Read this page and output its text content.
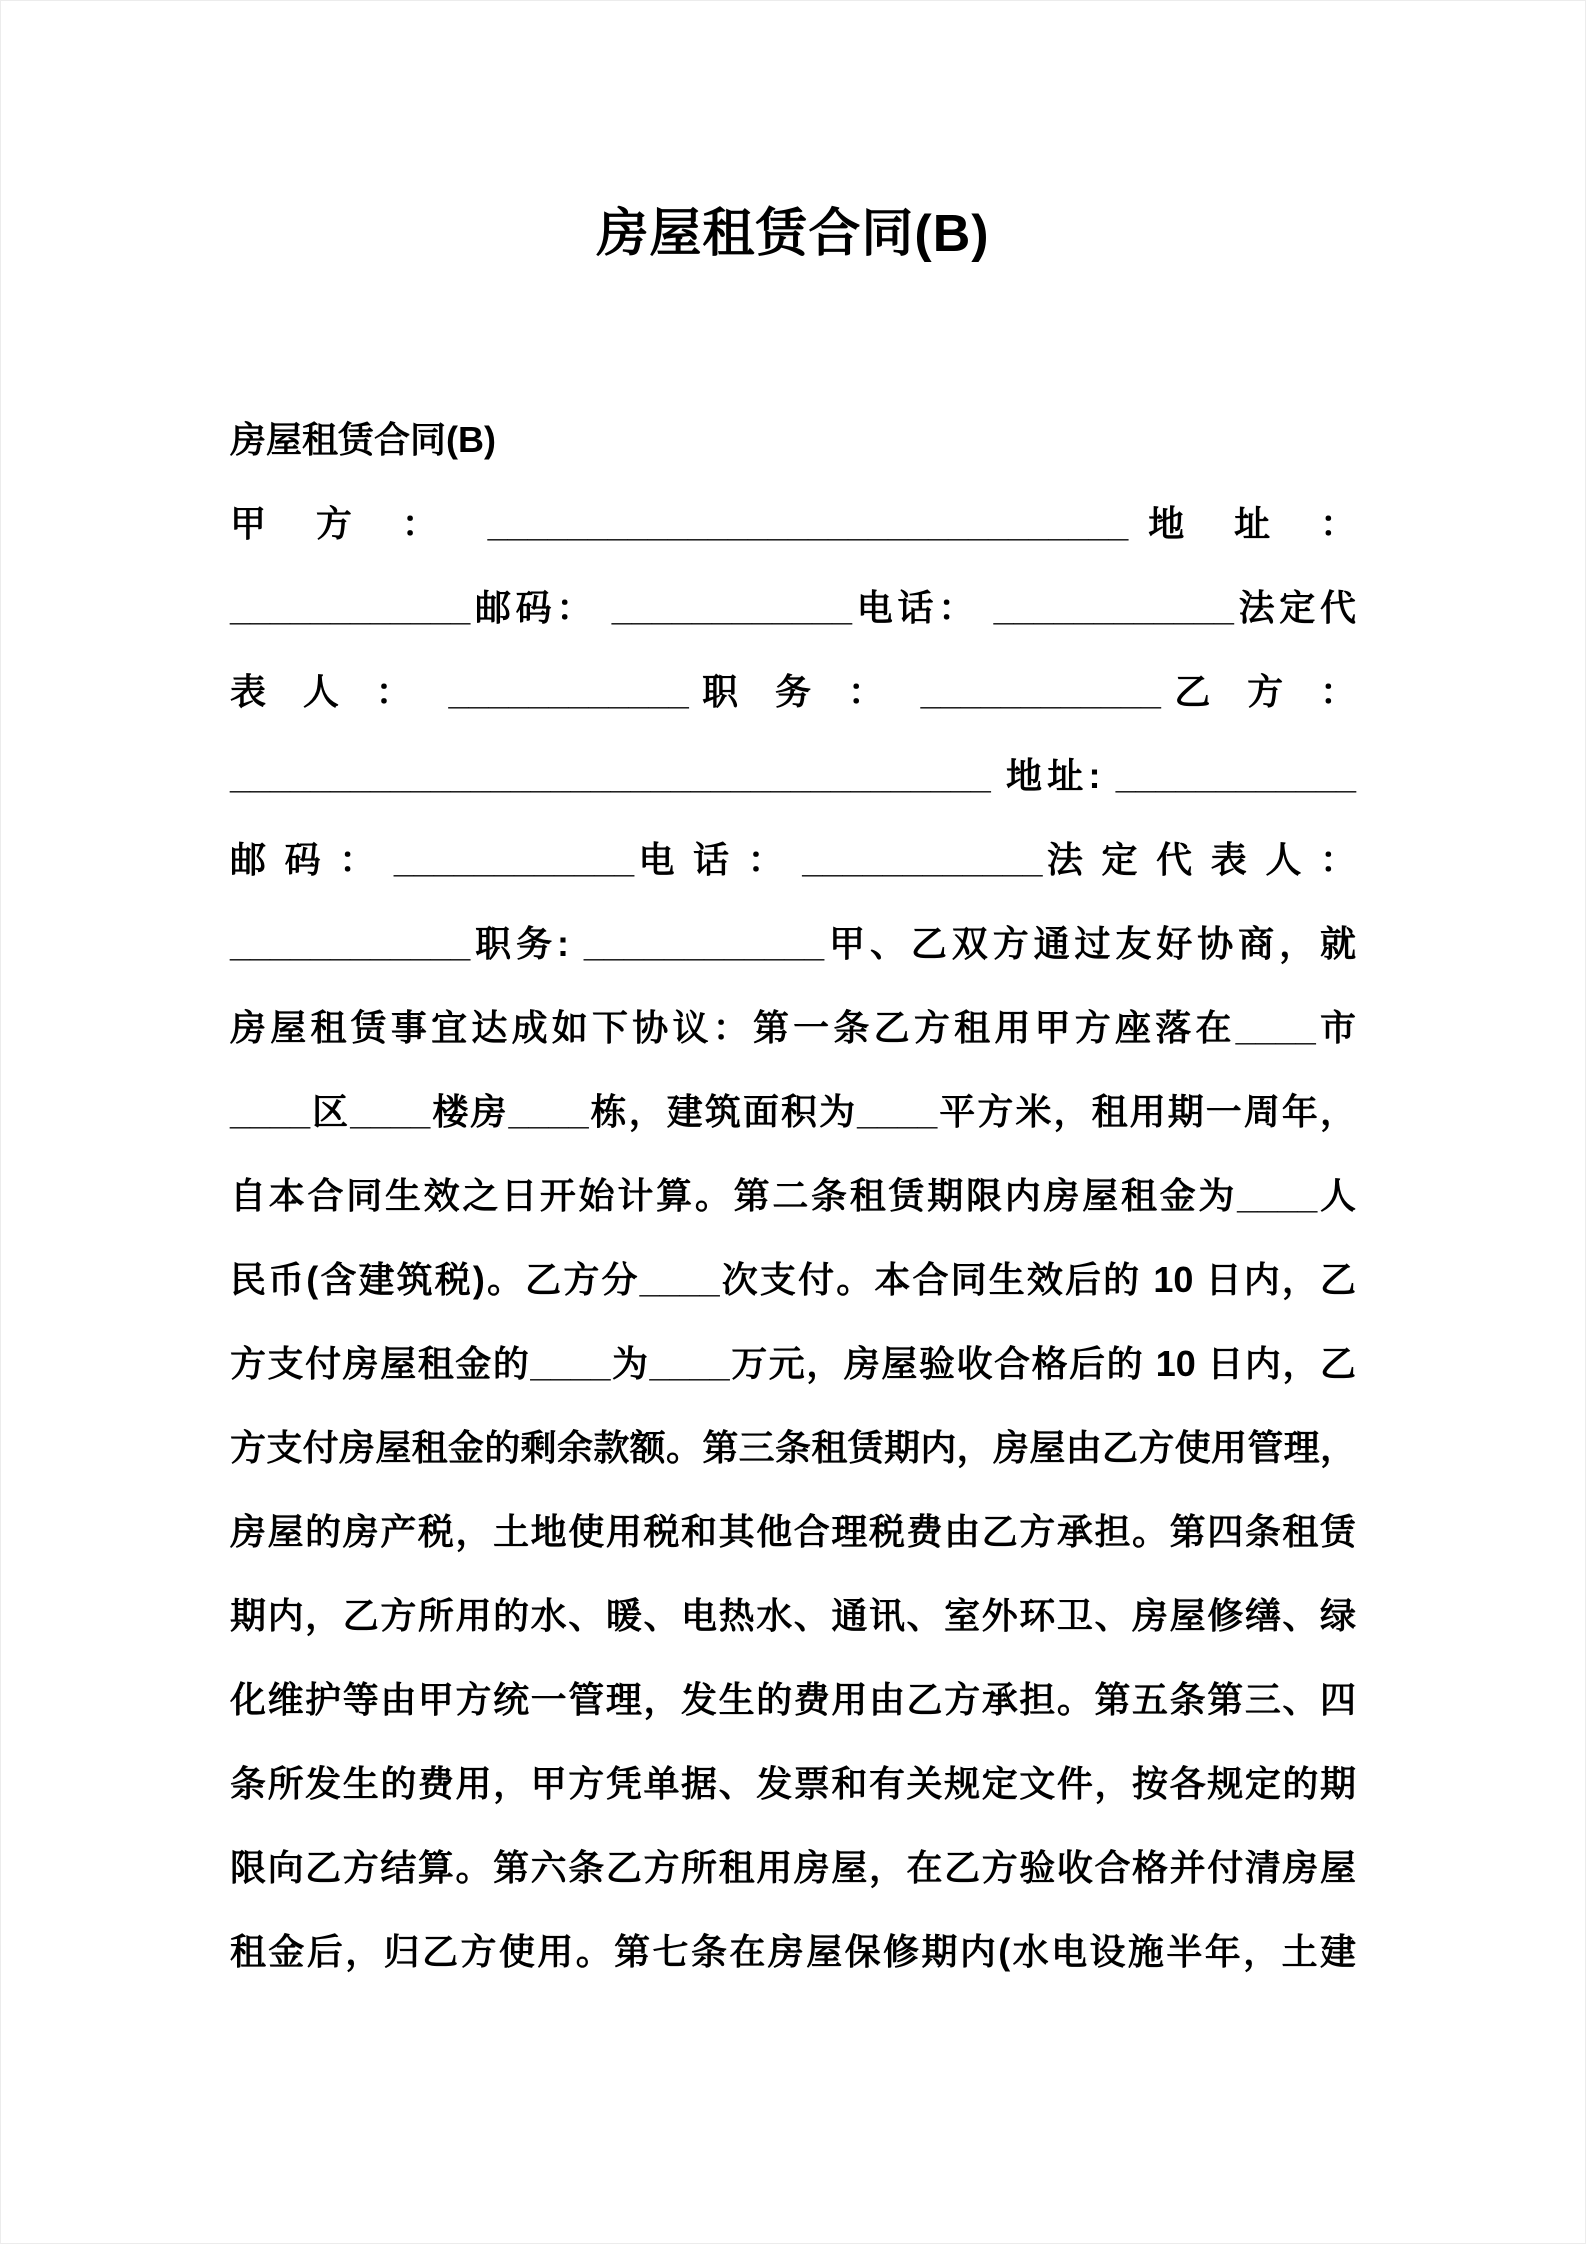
房屋租赁合同(B)
房屋租赁合同(B)
甲 方 ： ________________________________地 址 ：
____________邮码： ____________电话： ____________法定代
表 人 ： ____________职 务 ： ____________乙 方 ：
______________________________________ 地址: ____________
邮 码 ： ____________电 话 ： ____________法 定 代 表 人 ：
____________职务: ____________甲、乙双方通过友好协商，就
房屋租赁事宜达成如下协议：第一条乙方租用甲方座落在____市
____区____楼房____栋，建筑面积为____平方米，租用期一周年，
自本合同生效之日开始计算。第二条租赁期限内房屋租金为____人
民币(含建筑税)。乙方分____次支付。本合同生效后的 10 日内，乙
方支付房屋租金的____为____万元，房屋验收合格后的 10 日内，乙
方支付房屋租金的剩余款额。第三条租赁期内，房屋由乙方使用管理，
房屋的房产税，土地使用税和其他合理税费由乙方承担。第四条租赁
期内，乙方所用的水、暖、电热水、通讯、室外环卫、房屋修缮、绿
化维护等由甲方统一管理，发生的费用由乙方承担。第五条第三、四
条所发生的费用，甲方凭单据、发票和有关规定文件，按各规定的期
限向乙方结算。第六条乙方所租用房屋，在乙方验收合格并付清房屋
租金后，归乙方使用。第七条在房屋保修期内(水电设施半年，土建
